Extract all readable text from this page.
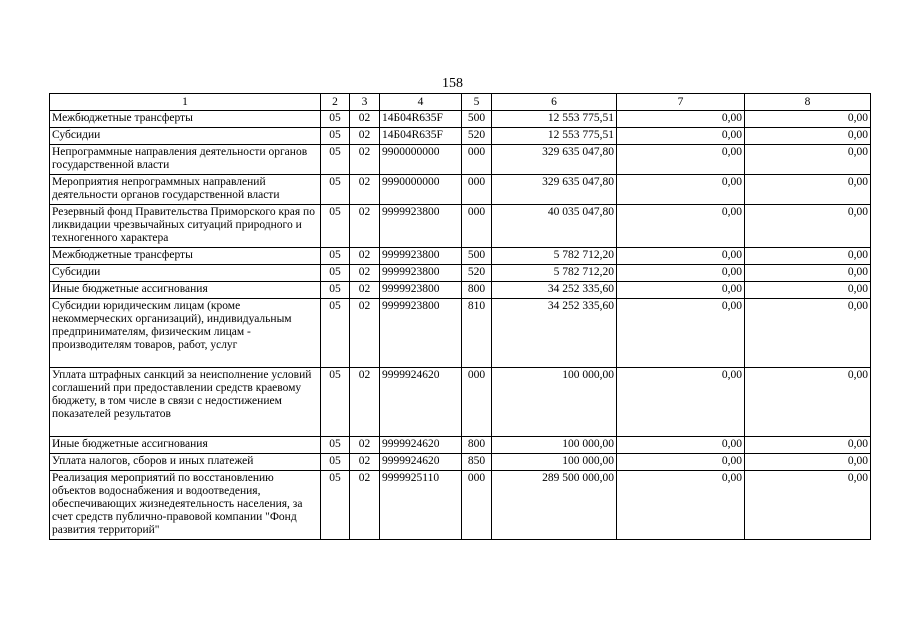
158
1	2	3	4	5	6	7	8
Межбюджетные трансферты	05	02	14Б04R635F	500	12 553 775,51	0,00	0,00
Субсидии	05	02	14Б04R635F	520	12 553 775,51	0,00	0,00
Непрограммные направления деятельности органов государственной власти	05	02	9900000000	000	329 635 047,80	0,00	0,00
Мероприятия непрограммных направлений деятельности органов государственной власти	05	02	9990000000	000	329 635 047,80	0,00	0,00
Резервный фонд Правительства Приморского края по ликвидации чрезвычайных ситуаций природного и техногенного характера	05	02	9999923800	000	40 035 047,80	0,00	0,00
Межбюджетные трансферты	05	02	9999923800	500	5 782 712,20	0,00	0,00
Субсидии	05	02	9999923800	520	5 782 712,20	0,00	0,00
Иные бюджетные ассигнования	05	02	9999923800	800	34 252 335,60	0,00	0,00
Субсидии юридическим лицам (кроме некоммерческих организаций), индивидуальным предпринимателям, физическим лицам - производителям товаров, работ, услуг	05	02	9999923800	810	34 252 335,60	0,00	0,00
Уплата штрафных санкций за неисполнение условий соглашений при предоставлении средств краевому бюджету, в том числе в связи с недостижением показателей результатов	05	02	9999924620	000	100 000,00	0,00	0,00
Иные бюджетные ассигнования	05	02	9999924620	800	100 000,00	0,00	0,00
Уплата налогов, сборов и иных платежей	05	02	9999924620	850	100 000,00	0,00	0,00
Реализация мероприятий по восстановлению объектов водоснабжения и водоотведения, обеспечивающих жизнедеятельность населения, за счет средств публично-правовой компании "Фонд развития территорий"	05	02	9999925110	000	289 500 000,00	0,00	0,00
